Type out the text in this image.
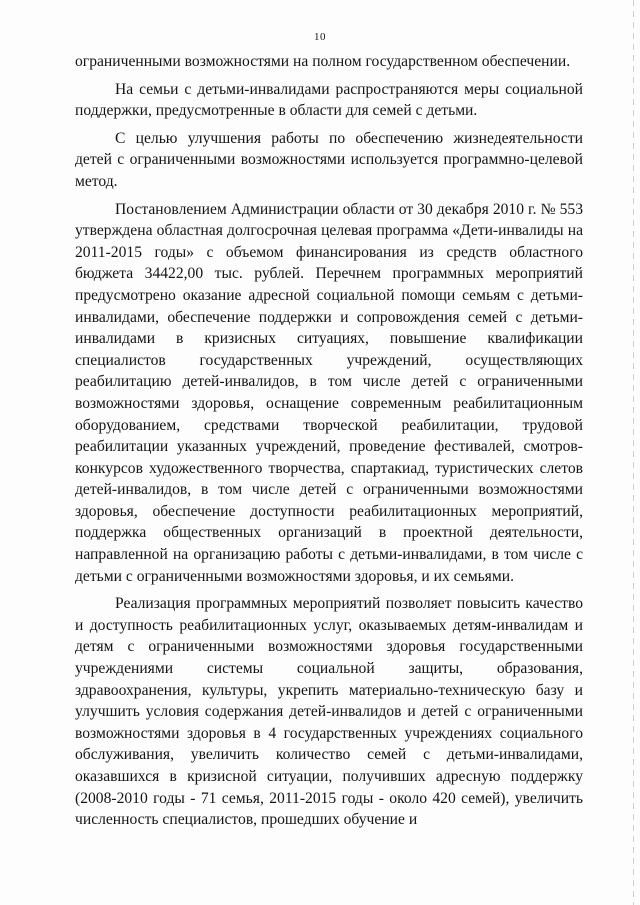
10

ограниченными возможностями на полном государственном обеспечении.

На семьи с детьми-инвалидами распространяются меры социальной поддержки, предусмотренные в области для семей с детьми.

С целью улучшения работы по обеспечению жизнедеятельности детей с ограниченными возможностями используется программно-целевой метод.

Постановлением Администрации области от 30 декабря 2010 г. № 553 утверждена областная долгосрочная целевая программа «Дети-инвалиды на 2011-2015 годы» с объемом финансирования из средств областного бюджета 34422,00 тыс. рублей. Перечнем программных мероприятий предусмотрено оказание адресной социальной помощи семьям с детьми-инвалидами, обеспечение поддержки и сопровождения семей с детьми-инвалидами в кризисных ситуациях, повышение квалификации специалистов государственных учреждений, осуществляющих реабилитацию детей-инвалидов, в том числе детей с ограниченными возможностями здоровья, оснащение современным реабилитационным оборудованием, средствами творческой реабилитации, трудовой реабилитации указанных учреждений, проведение фестивалей, смотров-конкурсов художественного творчества, спартакиад, туристических слетов детей-инвалидов, в том числе детей с ограниченными возможностями здоровья, обеспечение доступности реабилитационных мероприятий, поддержка общественных организаций в проектной деятельности, направленной на организацию работы с детьми-инвалидами, в том числе с детьми с ограниченными возможностями здоровья, и их семьями.

Реализация программных мероприятий позволяет повысить качество и доступность реабилитационных услуг, оказываемых детям-инвалидам и детям с ограниченными возможностями здоровья государственными учреждениями системы социальной защиты, образования, здравоохранения, культуры, укрепить материально-техническую базу и улучшить условия содержания детей-инвалидов и детей с ограниченными возможностями здоровья в 4 государственных учреждениях социального обслуживания, увеличить количество семей с детьми-инвалидами, оказавшихся в кризисной ситуации, получивших адресную поддержку (2008-2010 годы - 71 семья, 2011-2015 годы - около 420 семей), увеличить численность специалистов, прошедших обучение и
